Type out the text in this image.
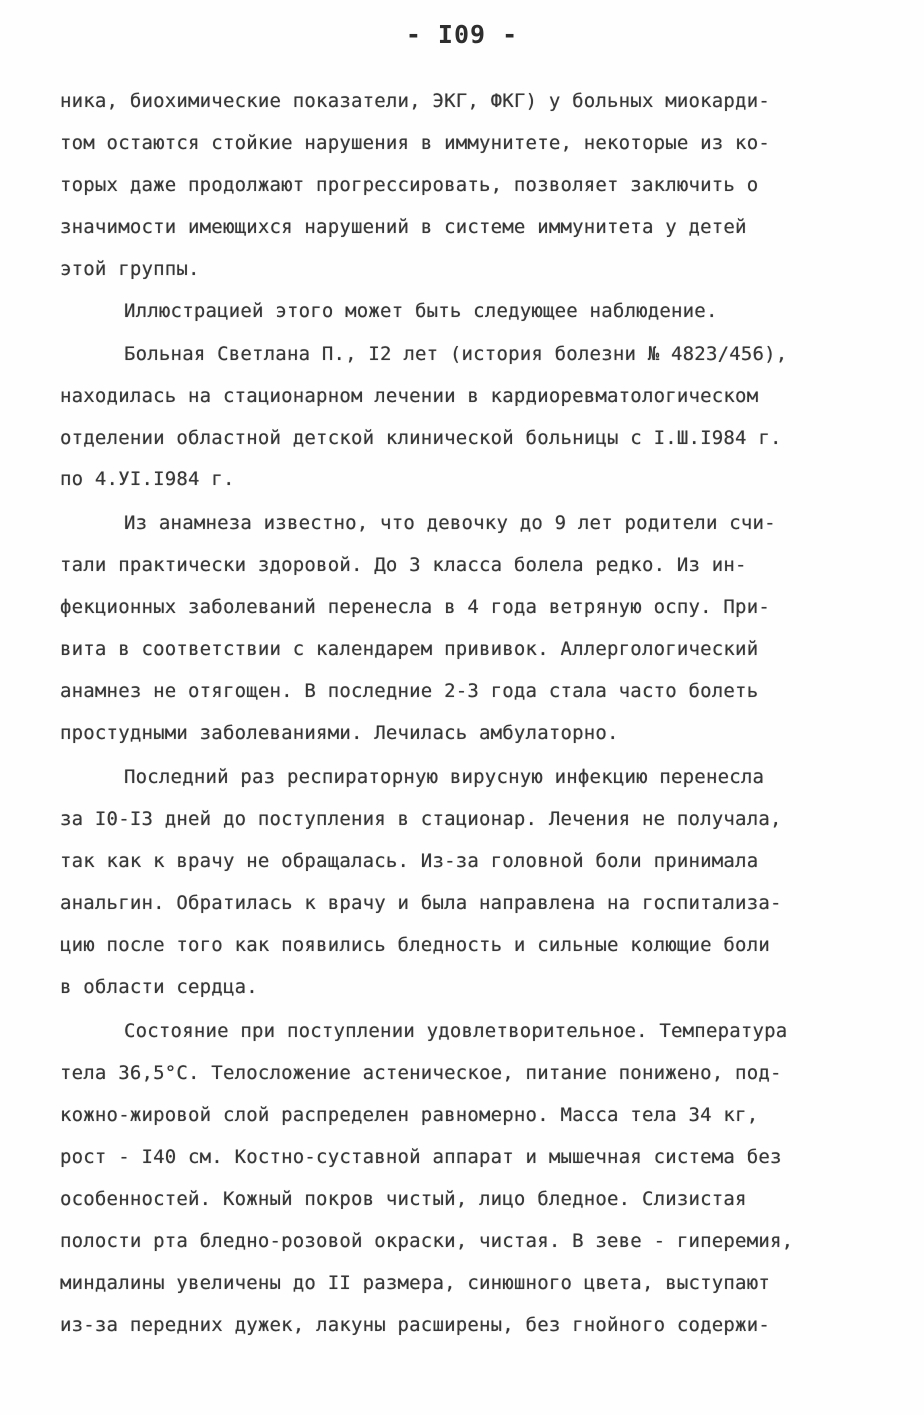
- I09 -
ника, биохимические показатели, ЭКГ, ФКГ) у больных миокарди-
том остаются стойкие нарушения в иммунитете, некоторые из ко-
торых даже продолжают прогрессировать, позволяет заключить о
значимости имеющихся нарушений в системе иммунитета у детей
этой группы.
Иллюстрацией этого может быть следующее наблюдение.
Больная Светлана П., I2 лет (история болезни № 4823/456),
находилась на стационарном лечении в кардиоревматологическом
отделении областной детской клинической больницы с I.Ш.I984 г.
по 4.УI.I984 г.
Из анамнеза известно, что девочку до 9 лет родители счи-
тали практически здоровой. До 3 класса болела редко. Из ин-
фекционных заболеваний перенесла в 4 года ветряную оспу. При-
вита в соответствии с календарем прививок. Аллергологический
анамнез не отягощен. В последние 2-3 года стала часто болеть
простудными заболеваниями. Лечилась амбулаторно.
Последний раз респираторную вирусную инфекцию перенесла
за I0-I3 дней до поступления в стационар. Лечения не получала,
так как к врачу не обращалась. Из-за головной боли принимала
анальгин. Обратилась к врачу и была направлена на госпитализа-
цию после того как появились бледность и сильные колющие боли
в области сердца.
Состояние при поступлении удовлетворительное. Температура
тела 36,5°С. Телосложение астеническое, питание понижено, под-
кожно-жировой слой распределен равномерно. Масса тела 34 кг,
рост - I40 см. Костно-суставной аппарат и мышечная система без
особенностей. Кожный покров чистый, лицо бледное. Слизистая
полости рта бледно-розовой окраски, чистая. В зеве - гиперемия,
миндалины увеличены до II размера, синюшного цвета, выступают
из-за передних дужек, лакуны расширены, без гнойного содержи-
